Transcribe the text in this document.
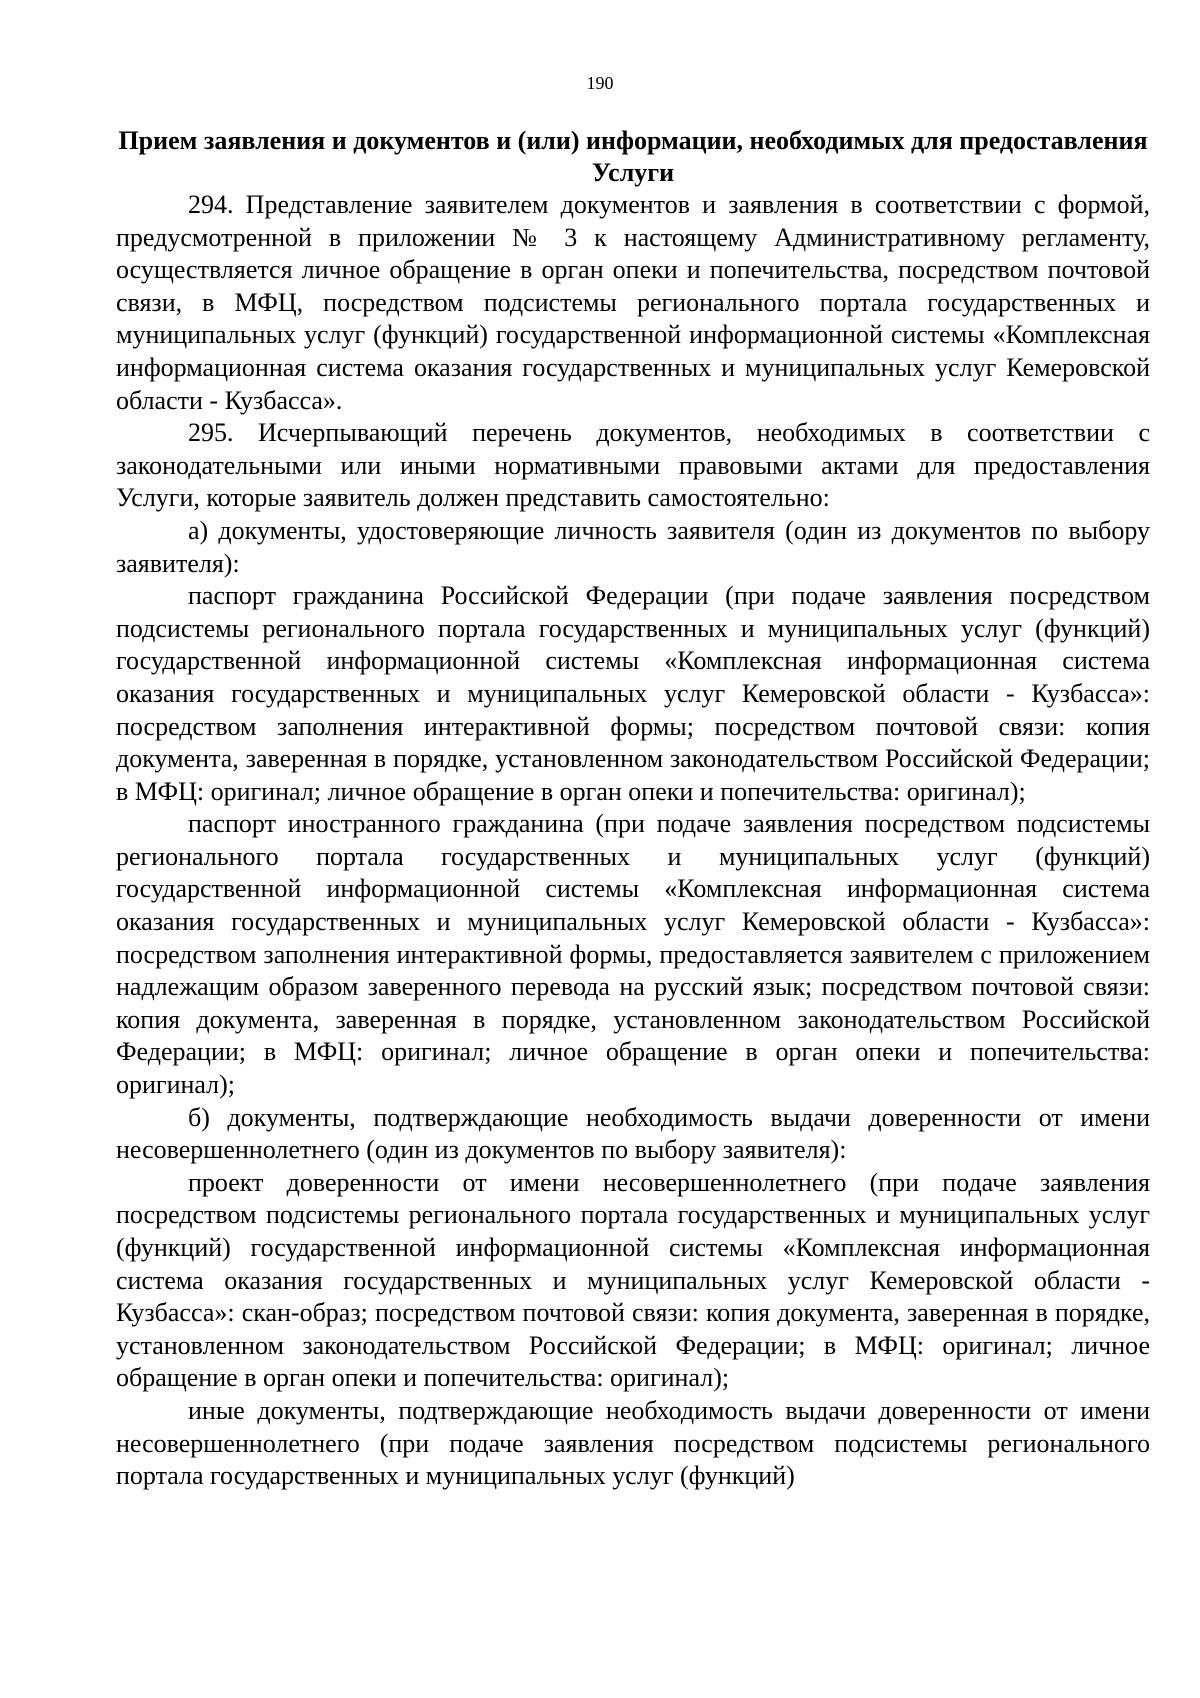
190
Прием заявления и документов и (или) информации, необходимых для предоставления Услуги

294. Представление заявителем документов и заявления в соответствии с формой, предусмотренной в приложении № 3 к настоящему Административному регламенту, осуществляется личное обращение в орган опеки и попечительства, посредством почтовой связи, в МФЦ, посредством подсистемы регионального портала государственных и муниципальных услуг (функций) государственной информационной системы «Комплексная информационная система оказания государственных и муниципальных услуг Кемеровской области - Кузбасса».

295. Исчерпывающий перечень документов, необходимых в соответствии с законодательными или иными нормативными правовыми актами для предоставления Услуги, которые заявитель должен представить самостоятельно:

а) документы, удостоверяющие личность заявителя (один из документов по выбору заявителя):

паспорт гражданина Российской Федерации (при подаче заявления посредством подсистемы регионального портала государственных и муниципальных услуг (функций) государственной информационной системы «Комплексная информационная система оказания государственных и муниципальных услуг Кемеровской области - Кузбасса»: посредством заполнения интерактивной формы; посредством почтовой связи: копия документа, заверенная в порядке, установленном законодательством Российской Федерации; в МФЦ: оригинал; личное обращение в орган опеки и попечительства: оригинал);

паспорт иностранного гражданина (при подаче заявления посредством подсистемы регионального портала государственных и муниципальных услуг (функций) государственной информационной системы «Комплексная информационная система оказания государственных и муниципальных услуг Кемеровской области - Кузбасса»: посредством заполнения интерактивной формы, предоставляется заявителем с приложением надлежащим образом заверенного перевода на русский язык; посредством почтовой связи: копия документа, заверенная в порядке, установленном законодательством Российской Федерации; в МФЦ: оригинал; личное обращение в орган опеки и попечительства: оригинал);

б) документы, подтверждающие необходимость выдачи доверенности от имени несовершеннолетнего (один из документов по выбору заявителя):

проект доверенности от имени несовершеннолетнего (при подаче заявления посредством подсистемы регионального портала государственных и муниципальных услуг (функций) государственной информационной системы «Комплексная информационная система оказания государственных и муниципальных услуг Кемеровской области - Кузбасса»: скан-образ; посредством почтовой связи: копия документа, заверенная в порядке, установленном законодательством Российской Федерации; в МФЦ: оригинал; личное обращение в орган опеки и попечительства: оригинал);

иные документы, подтверждающие необходимость выдачи доверенности от имени несовершеннолетнего (при подаче заявления посредством подсистемы регионального портала государственных и муниципальных услуг (функций)
